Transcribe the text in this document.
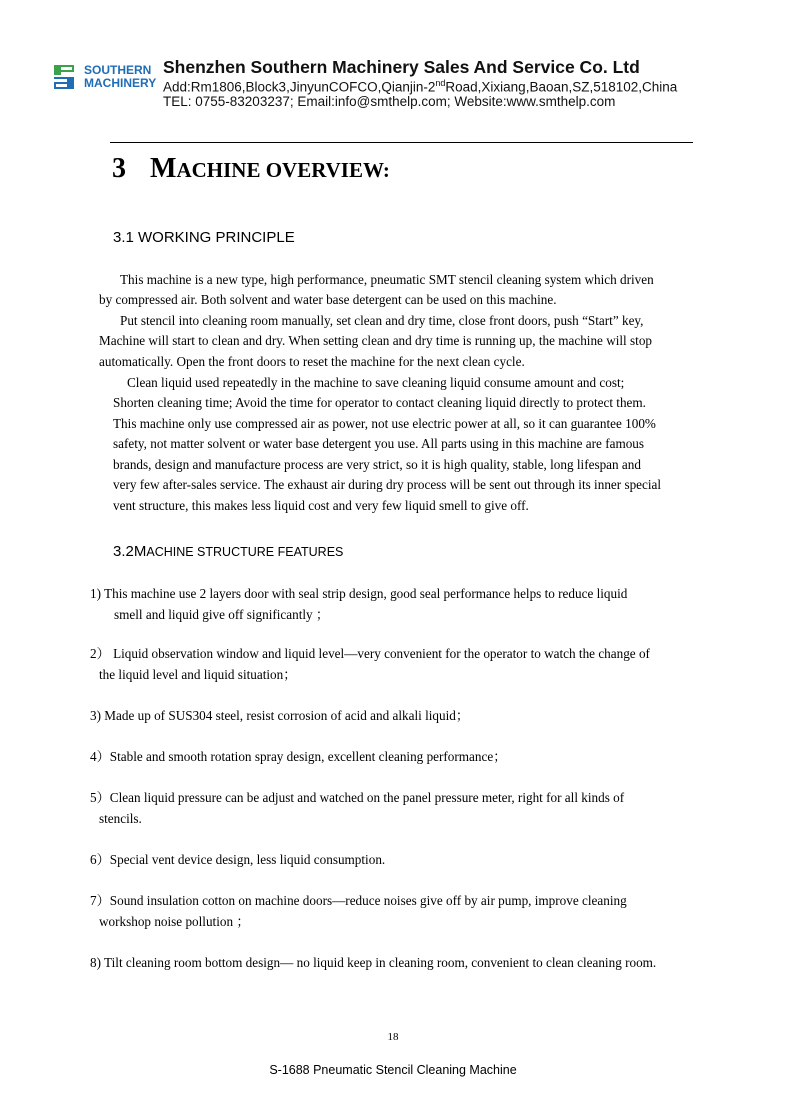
SOUTHERN
MACHINERY
Shenzhen Southern Machinery Sales And Service Co. Ltd
Add:Rm1806,Block3,JinyunCOFCO,Qianjin-2ndRoad,Xixiang,Baoan,SZ,518102,China
TEL: 0755-83203237; Email:info@smthelp.com; Website:www.smthelp.com
3 MACHINE OVERVIEW:
3.1 WORKING PRINCIPLE
This machine is a new type, high performance, pneumatic SMT stencil cleaning system which driven
by compressed air. Both solvent and water base detergent can be used on this machine.
Put stencil into cleaning room manually, set clean and dry time, close front doors, push “Start” key,
Machine will start to clean and dry. When setting clean and dry time is running up, the machine will stop
automatically. Open the front doors to reset the machine for the next clean cycle.
Clean liquid used repeatedly in the machine to save cleaning liquid consume amount and cost;
Shorten cleaning time; Avoid the time for operator to contact cleaning liquid directly to protect them.
This machine only use compressed air as power, not use electric power at all, so it can guarantee 100%
safety, not matter solvent or water base detergent you use. All parts using in this machine are famous
brands, design and manufacture process are very strict, so it is high quality, stable, long lifespan and
very few after-sales service. The exhaust air during dry process will be sent out through its inner special
vent structure, this makes less liquid cost and very few liquid smell to give off.
3.2MACHINE STRUCTURE FEATURES
1) This machine use 2 layers door with seal strip design, good seal performance helps to reduce liquid
smell and liquid give off significantly ；
2） Liquid observation window and liquid level—very convenient for the operator to watch the change of
the liquid level and liquid situation；
3) Made up of SUS304 steel, resist corrosion of acid and alkali liquid；
4）Stable and smooth rotation spray design, excellent cleaning performance；
5）Clean liquid pressure can be adjust and watched on the panel pressure meter, right for all kinds of
stencils.
6）Special vent device design, less liquid consumption.
7）Sound insulation cotton on machine doors—reduce noises give off by air pump, improve cleaning
workshop noise pollution ；
8) Tilt cleaning room bottom design— no liquid keep in cleaning room, convenient to clean cleaning room.
18
S-1688 Pneumatic Stencil Cleaning Machine
